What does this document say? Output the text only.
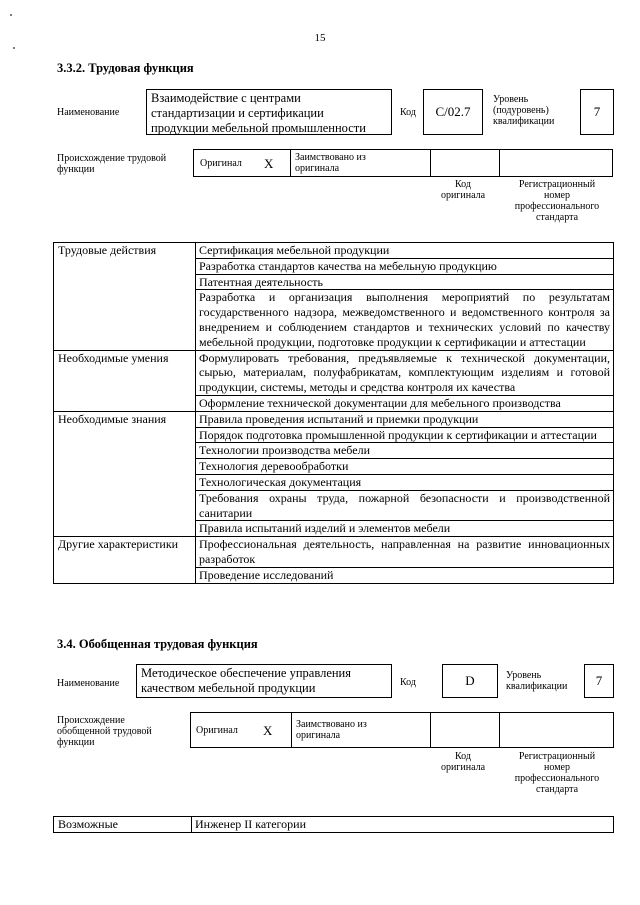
15
3.3.2. Трудовая функция
Наименование
Взаимодействие с центрами
стандартизации и сертификации
продукции мебельной промышленности
Код C/02.7
Уровень
(подуровень)
квалификации
7
Происхождение трудовой
функции
Оригинал X Заимствовано из
оригинала
Код
оригинала
Регистрационный
номер
профессионального
стандарта
Трудовые действия	Сертификация мебельной продукции
	Разработка стандартов качества на мебельную продукцию
	Патентная деятельность
	Разработка и организация выполнения мероприятий по результатам государственного надзора, межведомственного и ведомственного контроля за внедрением и соблюдением стандартов и технических условий по качеству мебельной продукции, подготовке продукции к сертификации и аттестации
Необходимые умения	Формулировать требования, предъявляемые к технической документации, сырью, материалам, полуфабрикатам, комплектующим изделиям и готовой продукции, системы, методы и средства контроля их качества
	Оформление технической документации для мебельного производства
Необходимые знания	Правила проведения испытаний и приемки продукции
	Порядок подготовка промышленной продукции к сертификации и аттестации
	Технологии производства мебели
	Технология деревообработки
	Технологическая документация
	Требования охраны труда, пожарной безопасности и производственной санитарии
	Правила испытаний изделий и элементов мебели
Другие характеристики	Профессиональная деятельность, направленная на развитие инновационных разработок
	Проведение исследований
3.4. Обобщенная трудовая функция
Наименование
Методическое обеспечение управления
качеством мебельной продукции	Код	D	Уровень
квалификации 7
Происхождение
обобщенной трудовой
функции
Оригинал X Заимствовано из
оригинала
Код
оригинала
Регистрационный
номер
профессионального
стандарта
Возможные	Инженер II категории
